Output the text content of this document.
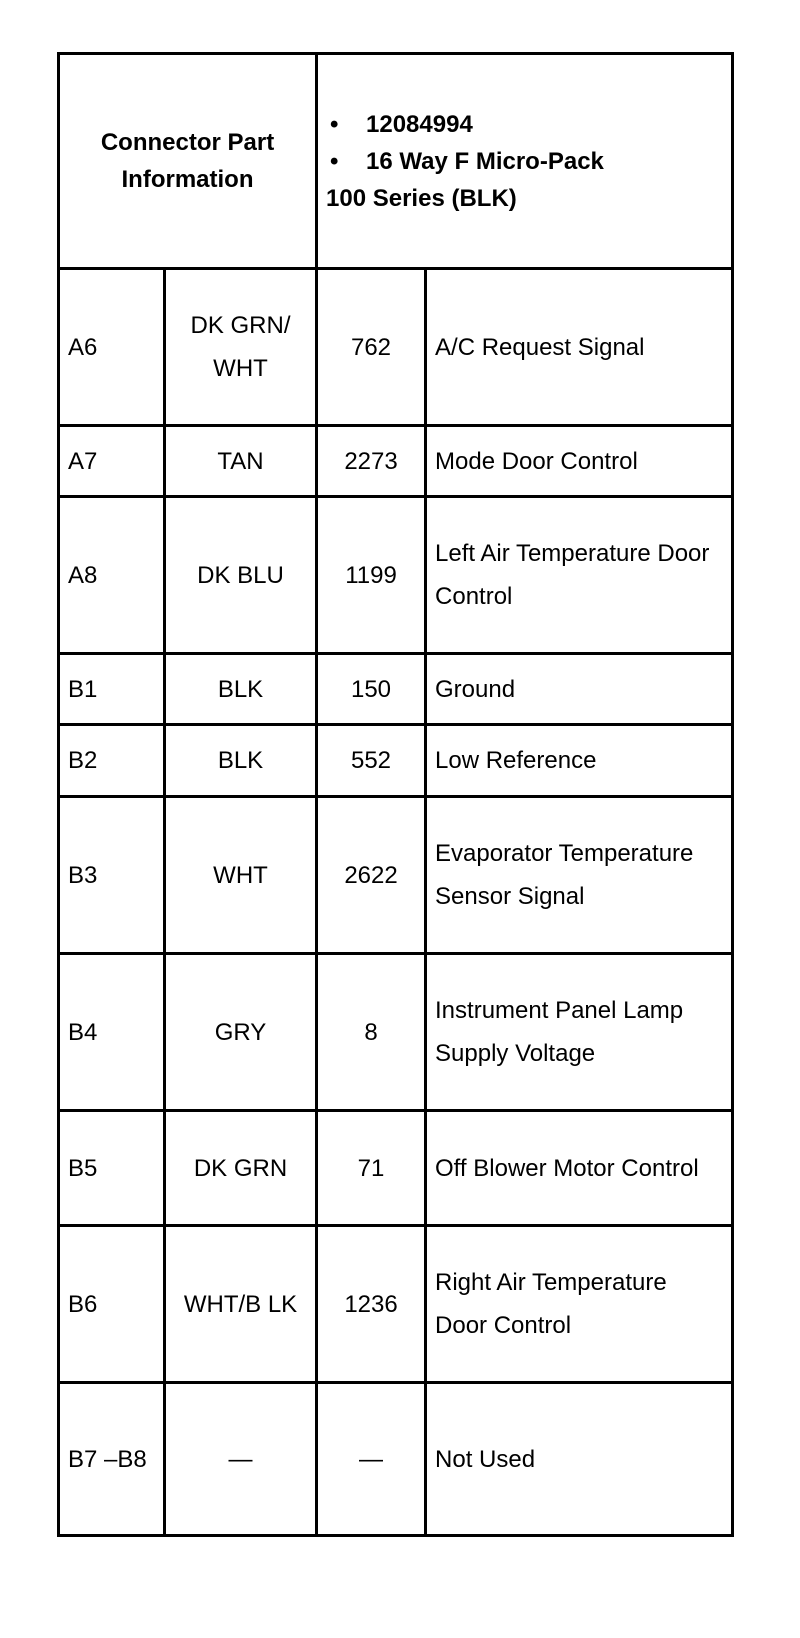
Connector Part Information		• 12084994
• 16 Way F Micro-Pack
100 Series (BLK)	

A6	DK GRN/ WHT	762	A/C Request Signal
A7	TAN	2273	Mode Door Control
A8	DK BLU	1199	Left Air Temperature Door Control
B1	BLK	150	Ground
B2	BLK	552	Low Reference
B3	WHT	2622	Evaporator Temperature Sensor Signal
B4	GRY	8	Instrument Panel Lamp Supply Voltage
B5	DK GRN	71	Off Blower Motor Control
B6	WHT/B LK	1236	Right Air Temperature Door Control
B7 –B8	—	—	Not Used
